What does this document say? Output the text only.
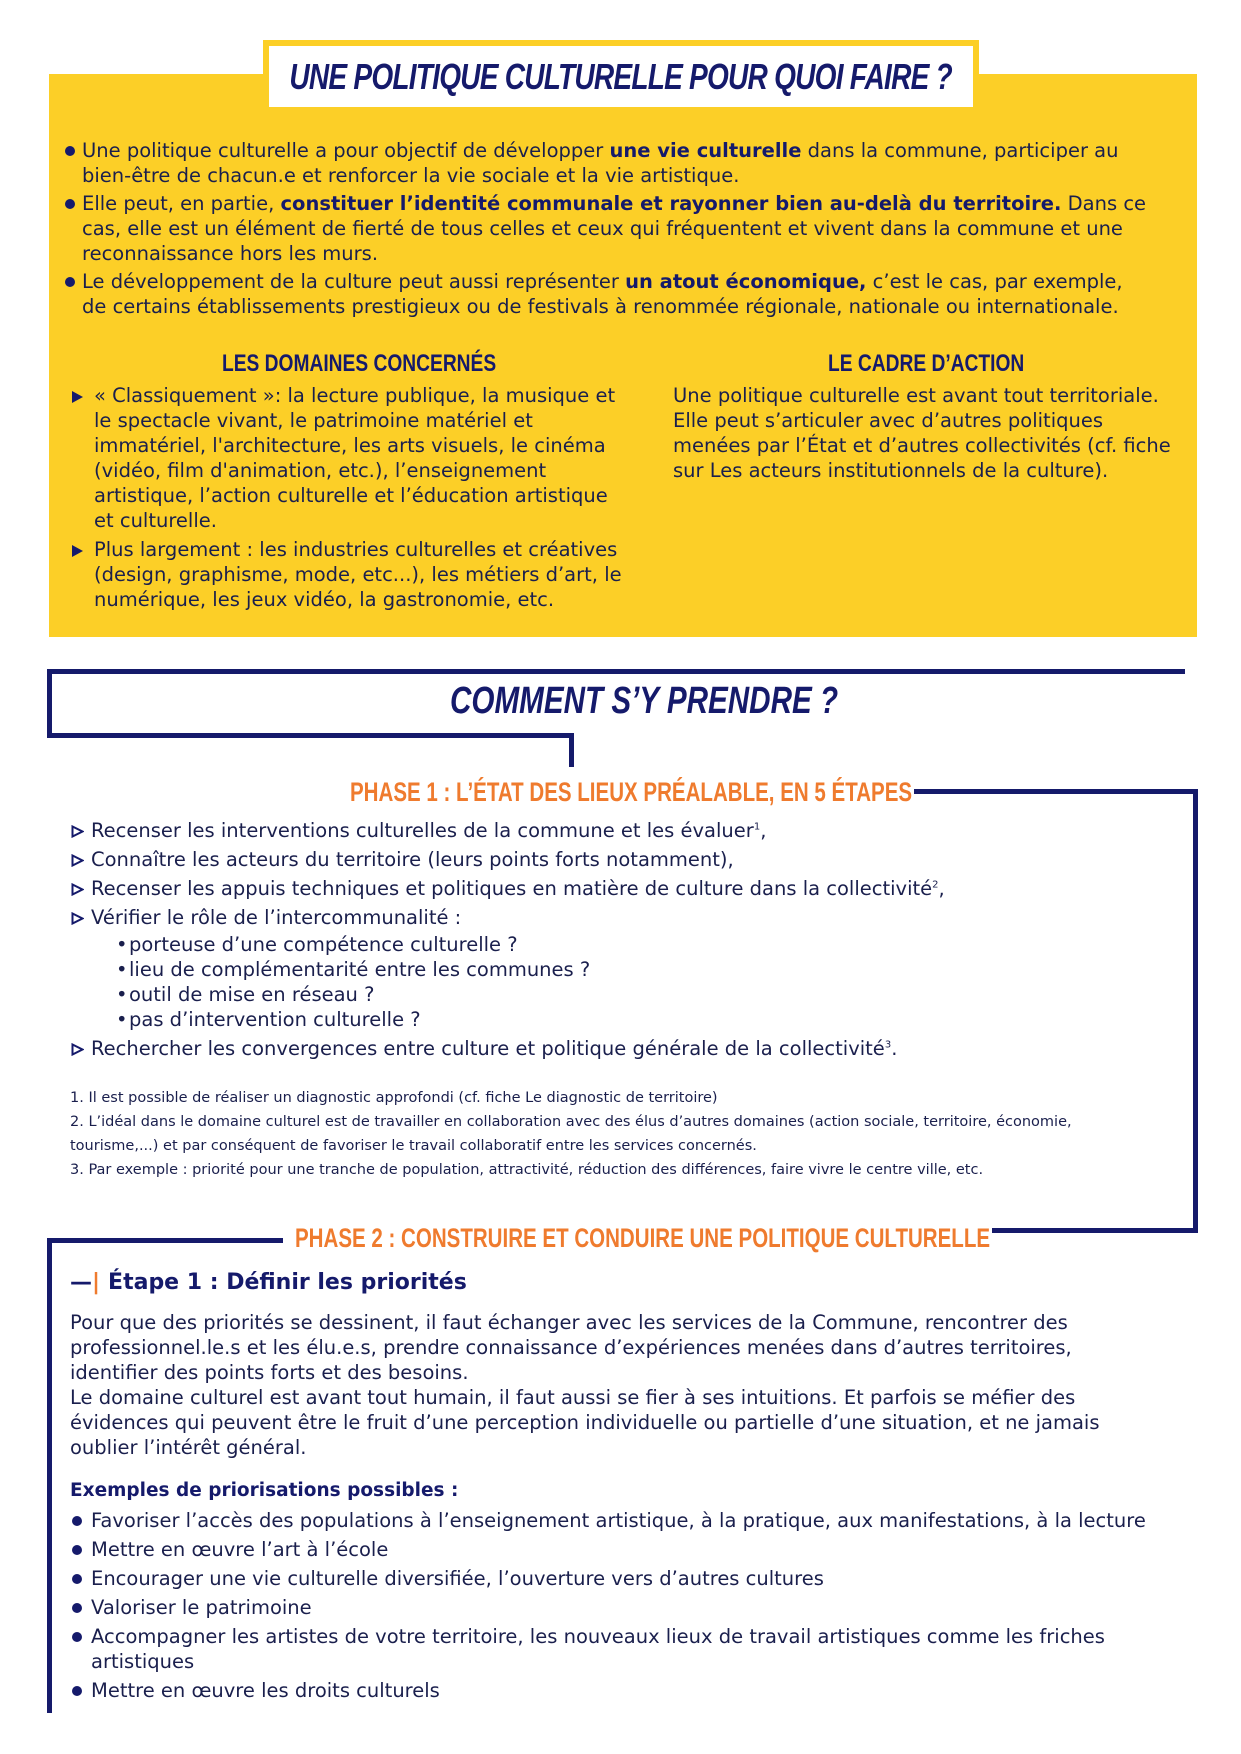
UNE POLITIQUE CULTURELLE POUR QUOI FAIRE ?
Une politique culturelle a pour objectif de développer une vie culturelle dans la commune, participer au bien-être de chacun.e et renforcer la vie sociale et la vie artistique.
Elle peut, en partie, constituer l’identité communale et rayonner bien au-delà du territoire. Dans ce cas, elle est un élément de fierté de tous celles et ceux qui fréquentent et vivent dans la commune et une reconnaissance hors les murs.
Le développement de la culture peut aussi représenter un atout économique, c’est le cas, par exemple, de certains établissements prestigieux ou de festivals à renommée régionale, nationale ou internationale.
LES DOMAINES CONCERNÉS
« Classiquement »: la lecture publique, la musique et le spectacle vivant, le patrimoine matériel et immatériel, l'architecture, les arts visuels, le cinéma (vidéo, film d'animation, etc.), l’enseignement artistique, l’action culturelle et l’éducation artistique et culturelle.
Plus largement : les industries culturelles et créatives (design, graphisme, mode, etc...), les métiers d’art, le numérique, les jeux vidéo, la gastronomie, etc.
LE CADRE D’ACTION
Une politique culturelle est avant tout territoriale. Elle peut s’articuler avec d’autres politiques menées par l’État et d’autres collectivités (cf. fiche sur Les acteurs institutionnels de la culture).
COMMENT S’Y PRENDRE ?
PHASE 1 : L’ÉTAT DES LIEUX PRÉALABLE, EN 5 ÉTAPES
Recenser les interventions culturelles de la commune et les évaluer$^1$,
Connaître les acteurs du territoire (leurs points forts notamment),
Recenser les appuis techniques et politiques en matière de culture dans la collectivité$^2$,
Vérifier le rôle de l’intercommunalité :
• porteuse d’une compétence culturelle ?
• lieu de complémentarité entre les communes ?
• outil de mise en réseau ?
• pas d’intervention culturelle ?
Rechercher les convergences entre culture et politique générale de la collectivité$^3$.
1. Il est possible de réaliser un diagnostic approfondi (cf. fiche Le diagnostic de territoire)
2. L’idéal dans le domaine culturel est de travailler en collaboration avec des élus d’autres domaines (action sociale, territoire, économie, tourisme,...) et par conséquent de favoriser le travail collaboratif entre les services concernés.
3. Par exemple : priorité pour une tranche de population, attractivité, réduction des différences, faire vivre le centre ville, etc.
PHASE 2 : CONSTRUIRE ET CONDUIRE UNE POLITIQUE CULTURELLE
—| Étape 1 : Définir les priorités
Pour que des priorités se dessinent, il faut échanger avec les services de la Commune, rencontrer des professionnel.le.s et les élu.e.s, prendre connaissance d’expériences menées dans d’autres territoires, identifier des points forts et des besoins.
Le domaine culturel est avant tout humain, il faut aussi se fier à ses intuitions. Et parfois se méfier des évidences qui peuvent être le fruit d’une perception individuelle ou partielle d’une situation, et ne jamais oublier l’intérêt général.
Exemples de priorisations possibles :
Favoriser l’accès des populations à l’enseignement artistique, à la pratique, aux manifestations, à la lecture
Mettre en œuvre l’art à l’école
Encourager une vie culturelle diversifiée, l’ouverture vers d’autres cultures
Valoriser le patrimoine
Accompagner les artistes de votre territoire, les nouveaux lieux de travail artistiques comme les friches artistiques
Mettre en œuvre les droits culturels
